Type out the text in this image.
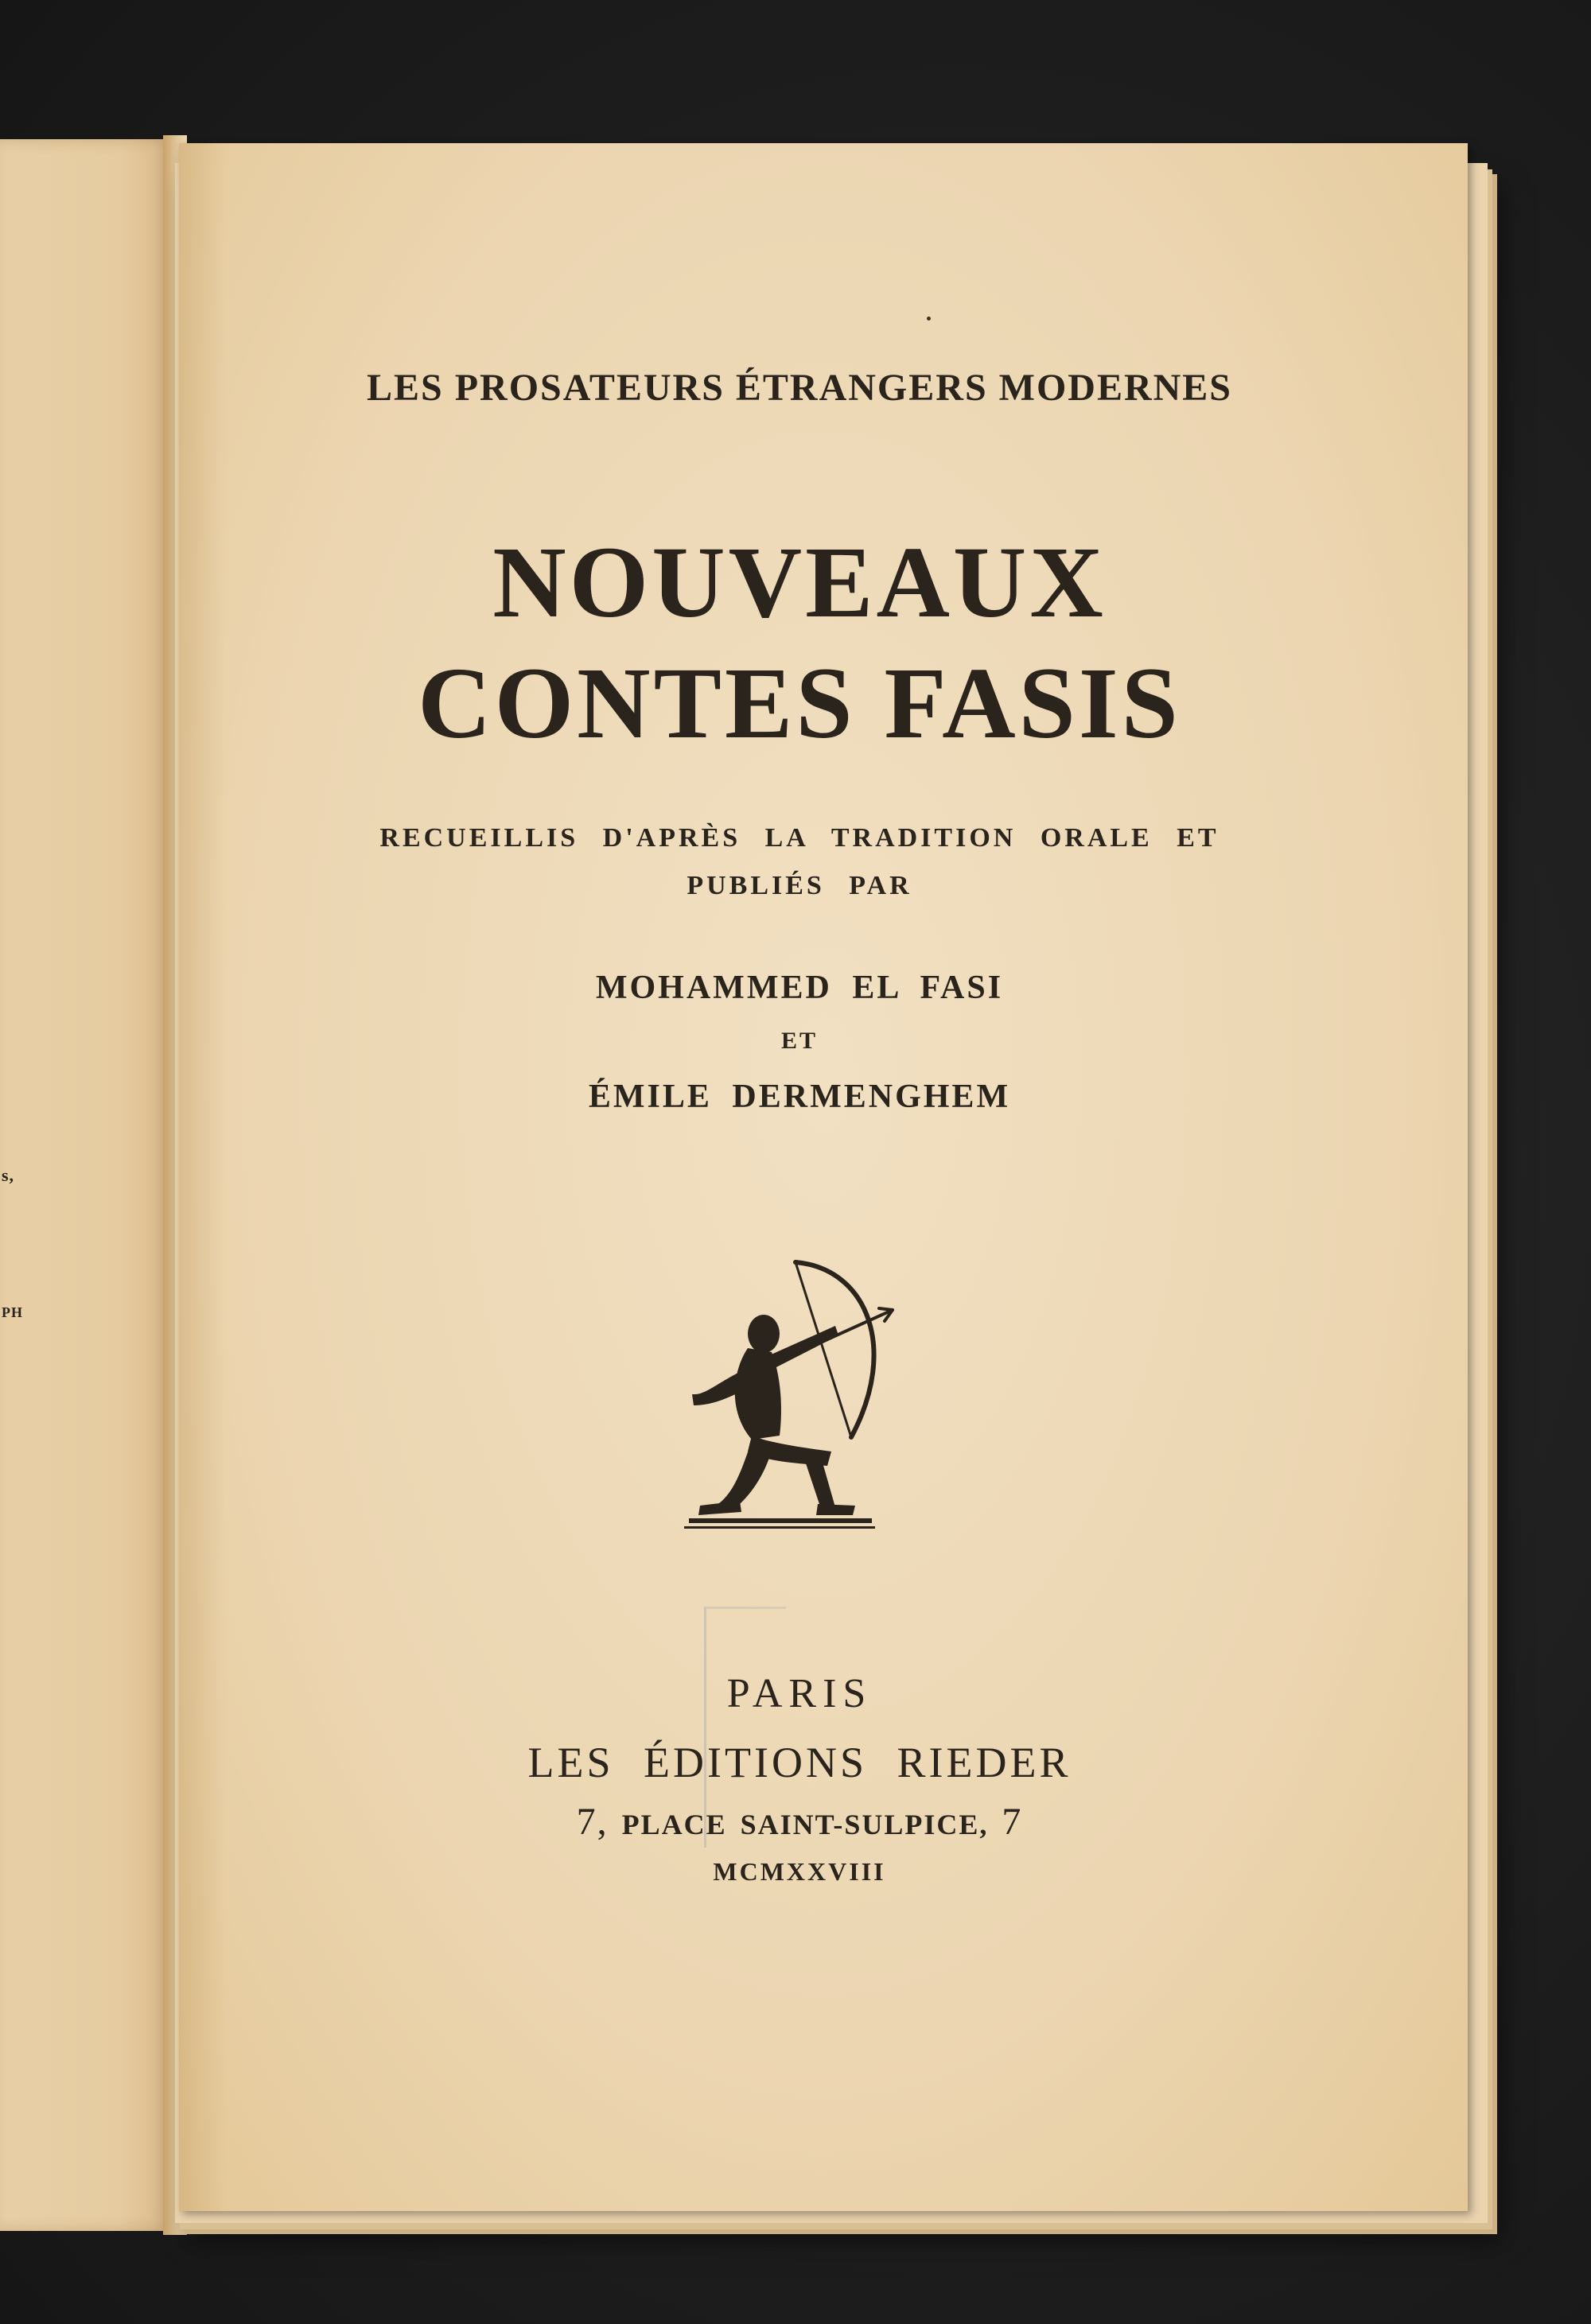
s,
PH
LES PROSATEURS ÉTRANGERS MODERNES
NOUVEAUX
CONTES FASIS
RECUEILLIS D'APRÈS LA TRADITION ORALE ET
PUBLIÉS PAR
MOHAMMED EL FASI
ET
ÉMILE DERMENGHEM
PARIS
LES ÉDITIONS RIEDER
7, PLACE SAINT-SULPICE, 7
MCMXXVIII
